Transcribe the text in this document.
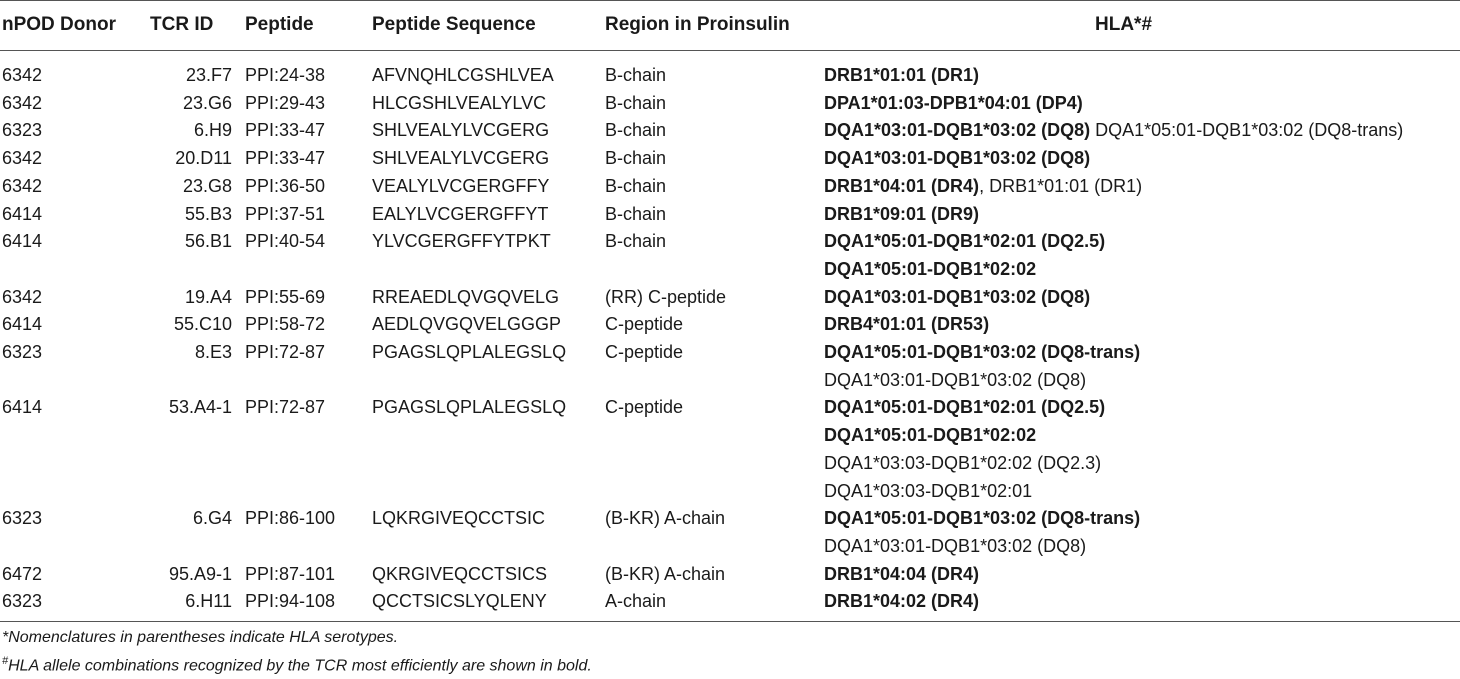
nPOD Donor TCR ID Peptide	Peptide Sequence	Region in Proinsulin	HLA*#
6342	23.F7 PPI:24-38	AFVNQHLCGSHLVEA	B-chain	DRB1*01:01 (DR1)
6342	23.G6 PPI:29-43	HLCGSHLVEALYLVC	B-chain	DPA1*01:03-DPB1*04:01 (DP4)
6323	6.H9 PPI:33-47	SHLVEALYLVCGERG	B-chain	DQA1*03:01-DQB1*03:02 (DQ8) DQA1*05:01-DQB1*03:02 (DQ8-trans)
6342	20.D11 PPI:33-47	SHLVEALYLVCGERG	B-chain	DQA1*03:01-DQB1*03:02 (DQ8)
6342	23.G8 PPI:36-50	VEALYLVCGERGFFY	B-chain	DRB1*04:01 (DR4), DRB1*01:01 (DR1)
6414	55.B3 PPI:37-51	EALYLVCGERGFFYT	B-chain	DRB1*09:01 (DR9)
6414	56.B1 PPI:40-54	YLVCGERGFFYTPKT	B-chain	DQA1*05:01-DQB1*02:01 (DQ2.5)
DQA1*05:01-DQB1*02:02
6342	19.A4 PPI:55-69	RREAEDLQVGQVELG	(RR) C-peptide	DQA1*03:01-DQB1*03:02 (DQ8)
6414	55.C10 PPI:58-72	AEDLQVGQVELGGGP C-peptide	DRB4*01:01 (DR53)
6323	8.E3 PPI:72-87	PGAGSLQPLALEGSLQ C-peptide	DQA1*05:01-DQB1*03:02 (DQ8-trans)
DQA1*03:01-DQB1*03:02 (DQ8)
6414	53.A4-1 PPI:72-87	PGAGSLQPLALEGSLQ C-peptide	DQA1*05:01-DQB1*02:01 (DQ2.5)
DQA1*05:01-DQB1*02:02
DQA1*03:03-DQB1*02:02 (DQ2.3)
DQA1*03:03-DQB1*02:01
6323	6.G4 PPI:86-100 LQKRGIVEQCCTSIC	(B-KR) A-chain	DQA1*05:01-DQB1*03:02 (DQ8-trans)
DQA1*03:01-DQB1*03:02 (DQ8)
6472	95.A9-1 PPI:87-101 QKRGIVEQCCTSICS	(B-KR) A-chain	DRB1*04:04 (DR4)
6323	6.H11 PPI:94-108 QCCTSICSLYQLENY	A-chain	DRB1*04:02 (DR4)
*Nomenclatures in parentheses indicate HLA serotypes.
#HLA allele combinations recognized by the TCR most efficiently are shown in bold.
